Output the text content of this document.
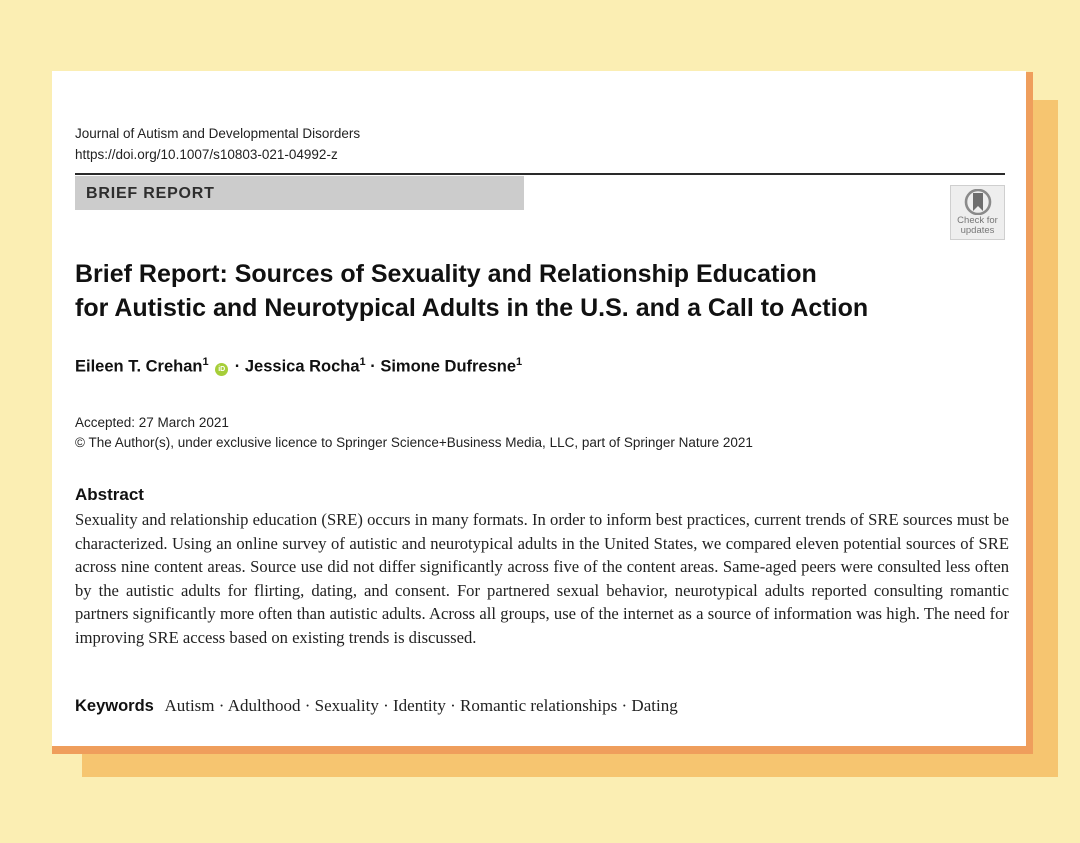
Journal of Autism and Developmental Disorders
https://doi.org/10.1007/s10803-021-04992-z
BRIEF REPORT
Check for
updates
Brief Report: Sources of Sexuality and Relationship Education
for Autistic and Neurotypical Adults in the U.S. and a Call to Action
Eileen T. Crehan$^1$ iD · Jessica Rocha$^1$ · Simone Dufresne$^1$
Accepted: 27 March 2021
© The Author(s), under exclusive licence to Springer Science+Business Media, LLC, part of Springer Nature 2021
Abstract
Sexuality and relationship education (SRE) occurs in many formats. In order to inform best practices, current trends of SRE sources must be characterized. Using an online survey of autistic and neurotypical adults in the United States, we compared eleven potential sources of SRE across nine content areas. Source use did not differ significantly across five of the content areas. Same-aged peers were consulted less often by the autistic adults for flirting, dating, and consent. For partnered sexual behavior, neurotypical adults reported consulting romantic partners significantly more often than autistic adults. Across all groups, use of the internet as a source of information was high. The need for improving SRE access based on existing trends is discussed.
Keywords Autism · Adulthood · Sexuality · Identity · Romantic relationships · Dating
